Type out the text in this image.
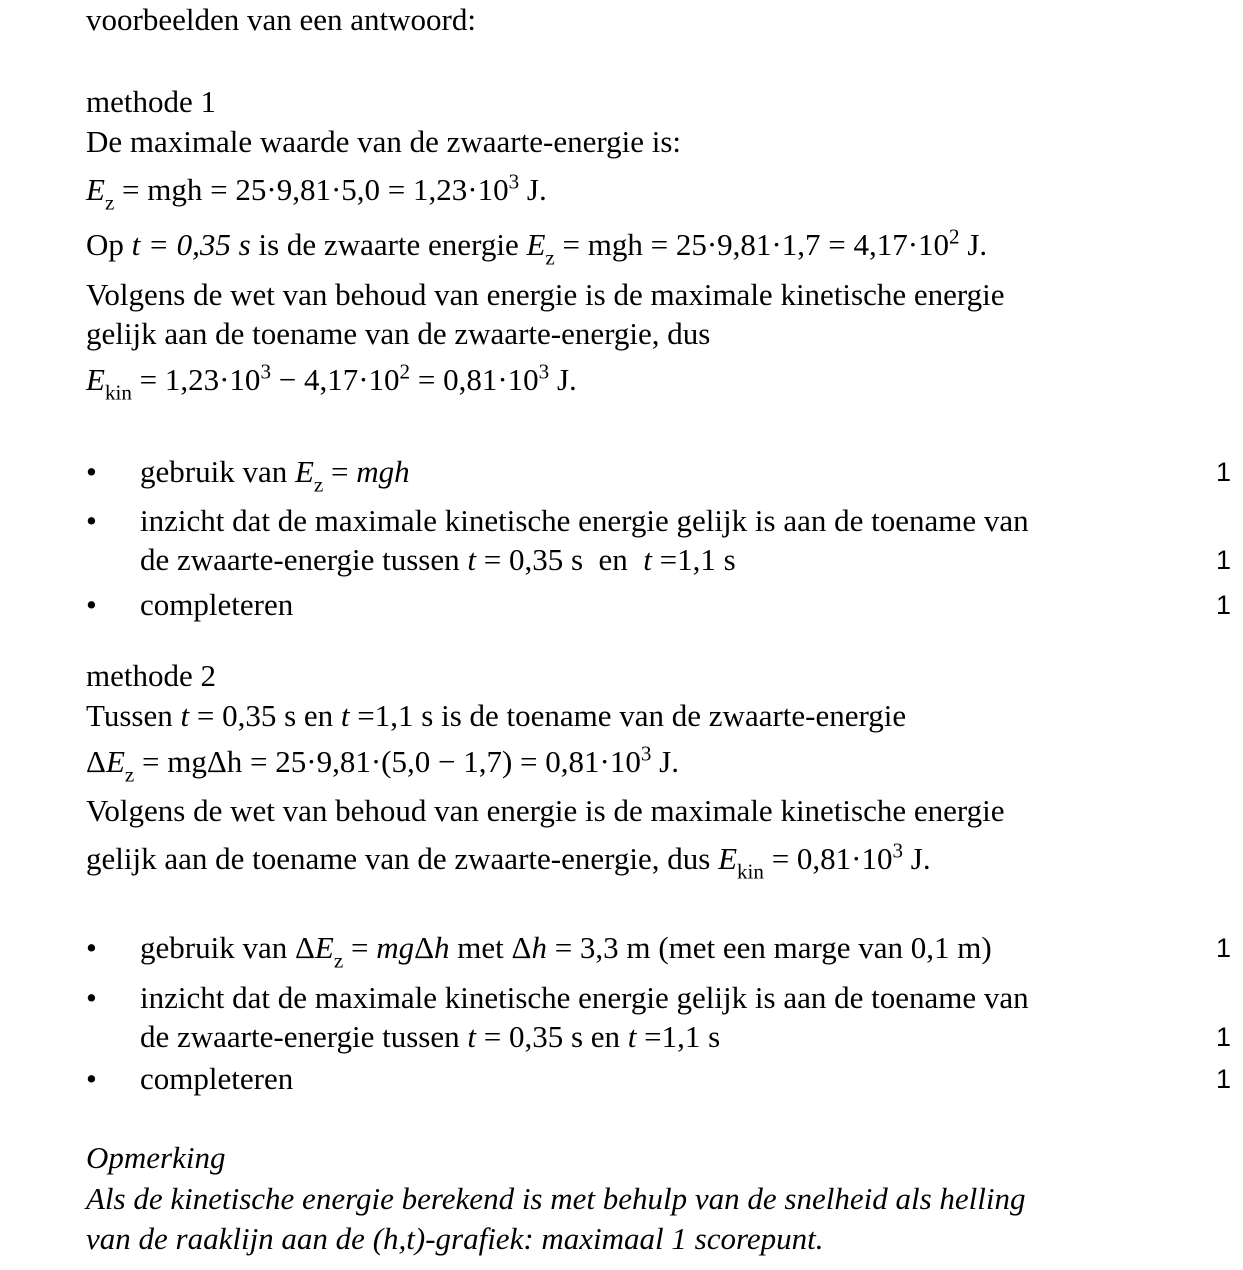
voorbeelden van een antwoord:
methode 1
De maximale waarde van de zwaarte-energie is:
$E_z$ = mgh = $25\cdot 9,81\cdot 5,0 = 1,23\cdot 10^3$ J.
Op t = 0,35 s is de zwaarte energie $E_z$ = mgh = $25\cdot 9,81\cdot 1,7 = 4,17\cdot 10^2$ J.
Volgens de wet van behoud van energie is de maximale kinetische energie
gelijk aan de toename van de zwaarte-energie, dus
$E_{kin} = 1,23\cdot 10^3 - 4,17\cdot 10^2 = 0,81\cdot 10^3$ J.
• gebruik van $E_z$ = mgh	1
• inzicht dat de maximale kinetische energie gelijk is aan de toename van
de zwaarte-energie tussen t = 0,35 s  en  t =1,1 s	1
• completeren	1
methode 2
Tussen t = 0,35 s en t =1,1 s is de toename van de zwaarte-energie
$\Delta E_z = mg\Delta h = 25\cdot 9,81\cdot(5,0 - 1,7) = 0,81\cdot 10^3$ J.
Volgens de wet van behoud van energie is de maximale kinetische energie
gelijk aan de toename van de zwaarte-energie, dus $E_{kin} = 0,81\cdot 10^3$ J.
• gebruik van $\Delta E_z = mg\Delta h$ met Δh = 3,3 m (met een marge van 0,1 m)	1
• inzicht dat de maximale kinetische energie gelijk is aan de toename van
de zwaarte-energie tussen t = 0,35 s en t =1,1 s	1
• completeren	1
Opmerking
Als de kinetische energie berekend is met behulp van de snelheid als helling
van de raaklijn aan de (h,t)-grafiek: maximaal 1 scorepunt.
